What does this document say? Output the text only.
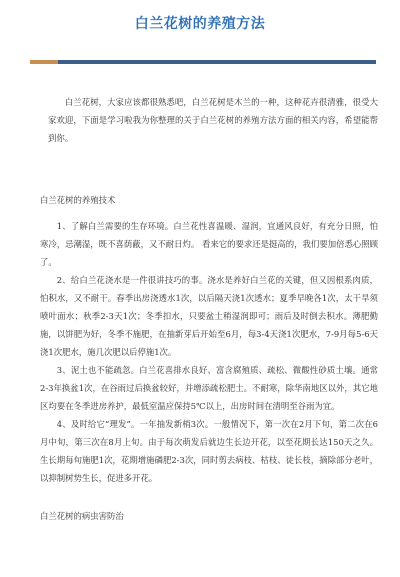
白兰花树的养殖方法

白兰花树，大家应该都很熟悉吧，白兰花树是木兰的一种，这种花卉很清雅，很受大家欢迎，下面是学习啦我为你整理的关于白兰花树的养殖方法方面的相关内容，希望能帮到你。

白兰花树的养殖技术

1、了解白兰需要的生存环境。白兰花性喜温暖、湿润，宜通风良好，有充分日照，怕寒冷，忌潮湿，既不喜荫蔽，又不耐日灼。 看来它的要求还是挺高的，我们要加倍悉心照顾了。

2、给白兰花浇水是一件很讲技巧的事。浇水是养好白兰花的关键，但又因根系肉质，怕积水，又不耐干。春季出房浇透水1次，以后隔天浇1次透水；夏季早晚各1次，太干旱须喷叶面水；秋季2-3天1次；冬季扣水，只要盆土稍湿润即可；雨后及时倒去积水。薄肥勤施，以饼肥为好，冬季不施肥，在抽新芽后开始至6月，每3-4天浇1次肥水，7-9月每5-6天浇1次肥水，施几次肥以后停施1次。

3、泥土也不能疏忽。白兰花喜排水良好、富含腐殖质、疏松、微酸性砂质土壤。通常2-3年换盆1次，在谷雨过后换盆较好，并增添疏松肥土。不耐寒，除华南地区以外，其它地区均要在冬季进房养护，最低室温应保持5℃以上，出房时间在清明至谷雨为宜。

4、及时给它“理发”。一年抽发新梢3次。一般情况下，第一次在2月下旬，第二次在6月中旬，第三次在8月上旬。由于每次萌发后就边生长边开花，以至花期长达150天之久。生长期每旬施肥1次，花期增施磷肥2-3次，同时剪去病枝、枯枝、徒长枝，摘除部分老叶，以抑制树势生长，促进多开花。

白兰花树的病虫害防治
